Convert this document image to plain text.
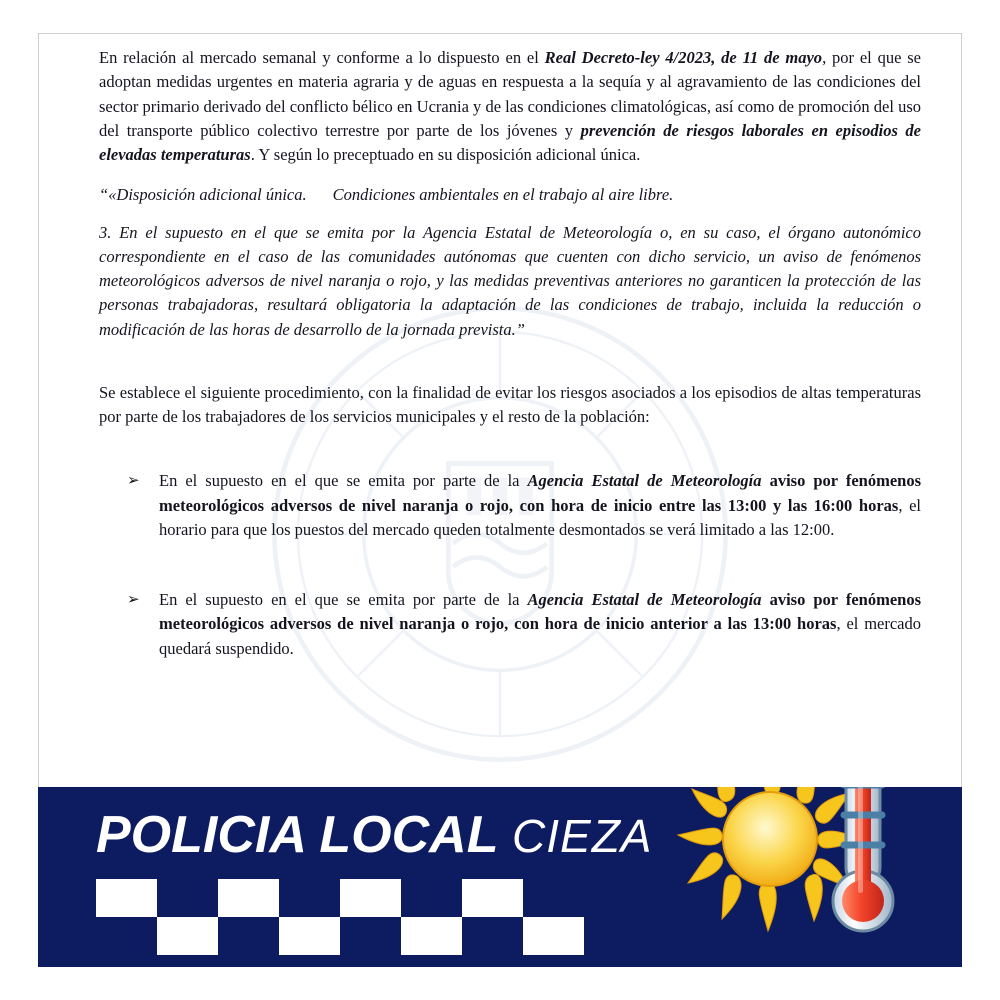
En relación al mercado semanal y conforme a lo dispuesto en el Real Decreto-ley 4/2023, de 11 de mayo, por el que se adoptan medidas urgentes en materia agraria y de aguas en respuesta a la sequía y al agravamiento de las condiciones del sector primario derivado del conflicto bélico en Ucrania y de las condiciones climatológicas, así como de promoción del uso del transporte público colectivo terrestre por parte de los jóvenes y prevención de riesgos laborales en episodios de elevadas temperaturas. Y según lo preceptuado en su disposición adicional única.

“«Disposición adicional única. Condiciones ambientales en el trabajo al aire libre.

3. En el supuesto en el que se emita por la Agencia Estatal de Meteorología o, en su caso, el órgano autonómico correspondiente en el caso de las comunidades autónomas que cuenten con dicho servicio, un aviso de fenómenos meteorológicos adversos de nivel naranja o rojo, y las medidas preventivas anteriores no garanticen la protección de las personas trabajadoras, resultará obligatoria la adaptación de las condiciones de trabajo, incluida la reducción o modificación de las horas de desarrollo de la jornada prevista.”

Se establece el siguiente procedimiento, con la finalidad de evitar los riesgos asociados a los episodios de altas temperaturas por parte de los trabajadores de los servicios municipales y el resto de la población:

➢ En el supuesto en el que se emita por parte de la Agencia Estatal de Meteorología aviso por fenómenos meteorológicos adversos de nivel naranja o rojo, con hora de inicio entre las 13:00 y las 16:00 horas, el horario para que los puestos del mercado queden totalmente desmontados se verá limitado a las 12:00.
➢ En el supuesto en el que se emita por parte de la Agencia Estatal de Meteorología aviso por fenómenos meteorológicos adversos de nivel naranja o rojo, con hora de inicio anterior a las 13:00 horas, el mercado quedará suspendido.
POLICIA LOCAL CIEZA
